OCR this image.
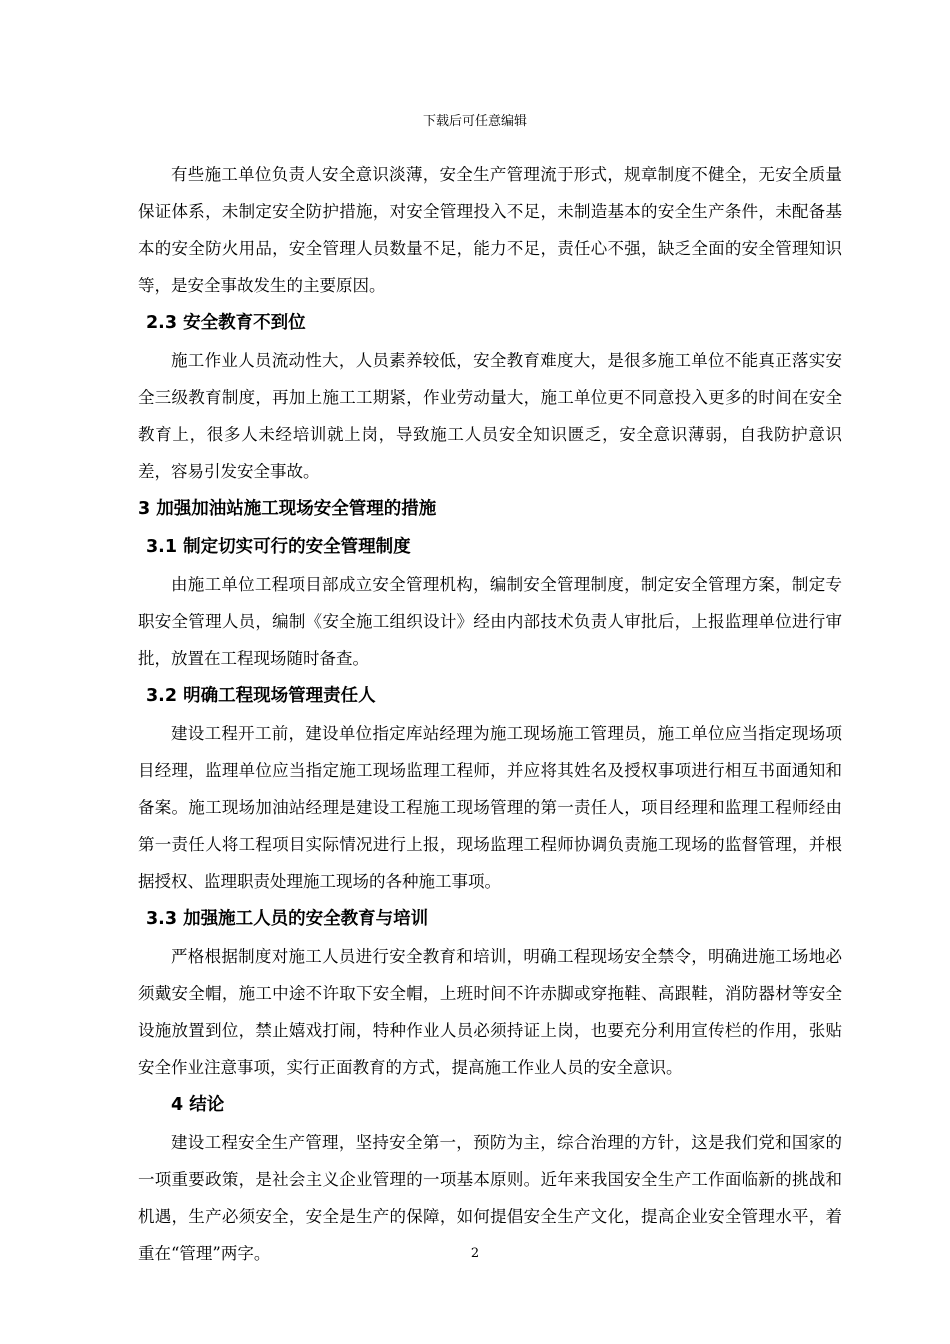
下载后可任意编辑

有些施工单位负责人安全意识淡薄，安全生产管理流于形式，规章制度不健全，无安全质量保证体系，未制定安全防护措施，对安全管理投入不足，未制造基本的安全生产条件，未配备基本的安全防火用品，安全管理人员数量不足，能力不足，责任心不强，缺乏全面的安全管理知识等，是安全事故发生的主要原因。

2.3 安全教育不到位

施工作业人员流动性大，人员素养较低，安全教育难度大，是很多施工单位不能真正落实安全三级教育制度，再加上施工工期紧，作业劳动量大，施工单位更不同意投入更多的时间在安全教育上，很多人未经培训就上岗，导致施工人员安全知识匮乏，安全意识薄弱，自我防护意识差，容易引发安全事故。

3 加强加油站施工现场安全管理的措施
3.1 制定切实可行的安全管理制度

由施工单位工程项目部成立安全管理机构，编制安全管理制度，制定安全管理方案，制定专职安全管理人员，编制《安全施工组织设计》经由内部技术负责人审批后，上报监理单位进行审批，放置在工程现场随时备查。

3.2 明确工程现场管理责任人

建设工程开工前，建设单位指定库站经理为施工现场施工管理员，施工单位应当指定现场项目经理，监理单位应当指定施工现场监理工程师，并应将其姓名及授权事项进行相互书面通知和备案。施工现场加油站经理是建设工程施工现场管理的第一责任人，项目经理和监理工程师经由第一责任人将工程项目实际情况进行上报，现场监理工程师协调负责施工现场的监督管理，并根据授权、监理职责处理施工现场的各种施工事项。

3.3 加强施工人员的安全教育与培训

严格根据制度对施工人员进行安全教育和培训，明确工程现场安全禁令，明确进施工场地必须戴安全帽，施工中途不许取下安全帽，上班时间不许赤脚或穿拖鞋、高跟鞋，消防器材等安全设施放置到位，禁止嬉戏打闹，特种作业人员必须持证上岗，也要充分利用宣传栏的作用，张贴安全作业注意事项，实行正面教育的方式，提高施工作业人员的安全意识。

4 结论

建设工程安全生产管理，坚持安全第一，预防为主，综合治理的方针，这是我们党和国家的一项重要政策，是社会主义企业管理的一项基本原则。近年来我国安全生产工作面临新的挑战和机遇，生产必须安全，安全是生产的保障，如何提倡安全生产文化，提高企业安全管理水平，着重在“管理”两字。	2
